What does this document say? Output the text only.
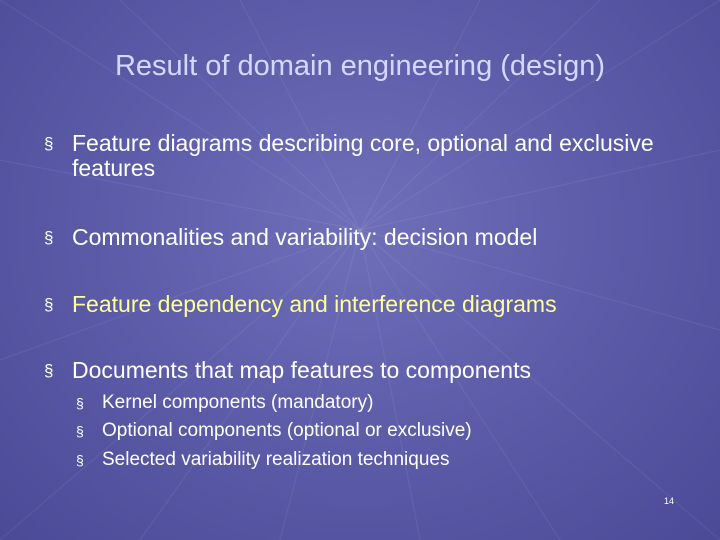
Result of domain engineering (design)
§ Feature diagrams describing core, optional and exclusive features
§ Commonalities and variability: decision model
§ Feature dependency and interference diagrams
§ Documents that map features to components
§ Kernel components (mandatory)
§ Optional components (optional or exclusive)
§ Selected variability realization techniques
14
